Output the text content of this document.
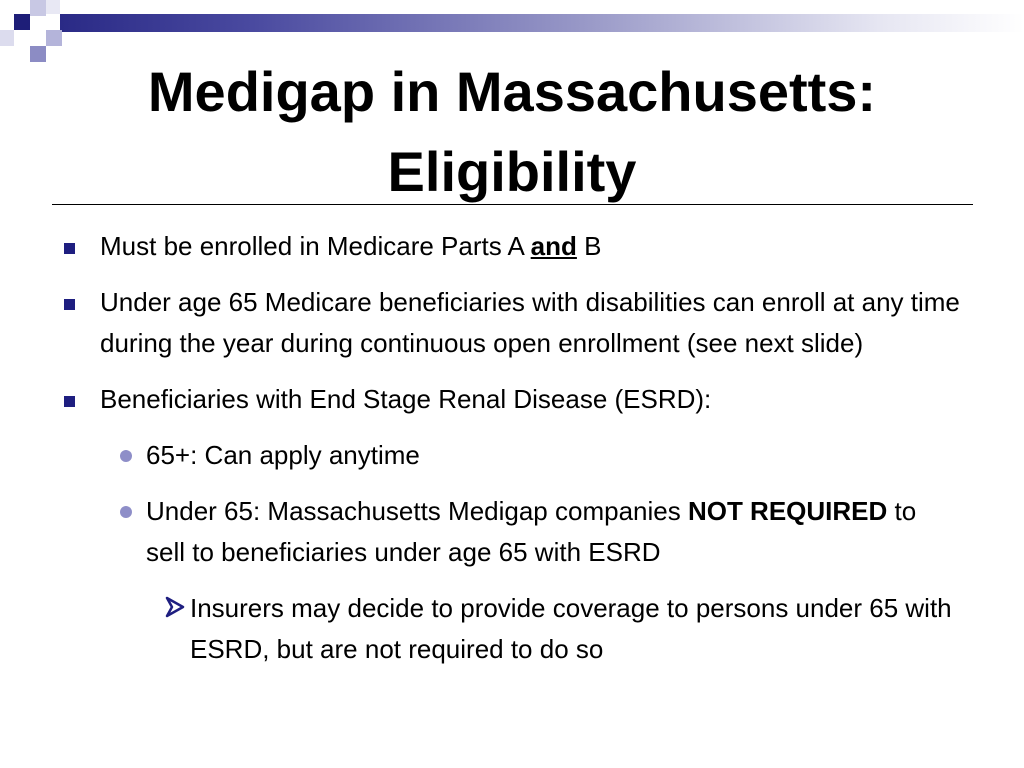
Medigap in Massachusetts:
Eligibility
Must be enrolled in Medicare Parts A and B
Under age 65 Medicare beneficiaries with disabilities can enroll at any time during the year during continuous open enrollment (see next slide)
Beneficiaries with End Stage Renal Disease (ESRD):
65+: Can apply anytime
Under 65: Massachusetts Medigap companies NOT REQUIRED to sell to beneficiaries under age 65 with ESRD
Insurers may decide to provide coverage to persons under 65 with ESRD, but are not required to do so
